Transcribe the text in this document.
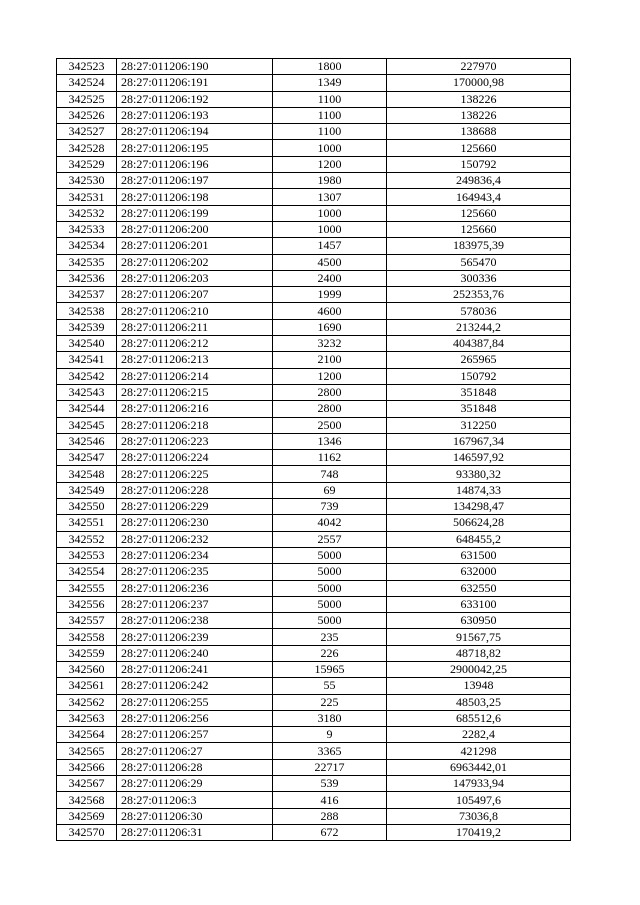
342523	28:27:011206:190	1800	227970
342524	28:27:011206:191	1349	170000,98
342525	28:27:011206:192	1100	138226
342526	28:27:011206:193	1100	138226
342527	28:27:011206:194	1100	138688
342528	28:27:011206:195	1000	125660
342529	28:27:011206:196	1200	150792
342530	28:27:011206:197	1980	249836,4
342531	28:27:011206:198	1307	164943,4
342532	28:27:011206:199	1000	125660
342533	28:27:011206:200	1000	125660
342534	28:27:011206:201	1457	183975,39
342535	28:27:011206:202	4500	565470
342536	28:27:011206:203	2400	300336
342537	28:27:011206:207	1999	252353,76
342538	28:27:011206:210	4600	578036
342539	28:27:011206:211	1690	213244,2
342540	28:27:011206:212	3232	404387,84
342541	28:27:011206:213	2100	265965
342542	28:27:011206:214	1200	150792
342543	28:27:011206:215	2800	351848
342544	28:27:011206:216	2800	351848
342545	28:27:011206:218	2500	312250
342546	28:27:011206:223	1346	167967,34
342547	28:27:011206:224	1162	146597,92
342548	28:27:011206:225	748	93380,32
342549	28:27:011206:228	69	14874,33
342550	28:27:011206:229	739	134298,47
342551	28:27:011206:230	4042	506624,28
342552	28:27:011206:232	2557	648455,2
342553	28:27:011206:234	5000	631500
342554	28:27:011206:235	5000	632000
342555	28:27:011206:236	5000	632550
342556	28:27:011206:237	5000	633100
342557	28:27:011206:238	5000	630950
342558	28:27:011206:239	235	91567,75
342559	28:27:011206:240	226	48718,82
342560	28:27:011206:241	15965	2900042,25
342561	28:27:011206:242	55	13948
342562	28:27:011206:255	225	48503,25
342563	28:27:011206:256	3180	685512,6
342564	28:27:011206:257	9	2282,4
342565	28:27:011206:27	3365	421298
342566	28:27:011206:28	22717	6963442,01
342567	28:27:011206:29	539	147933,94
342568	28:27:011206:3	416	105497,6
342569	28:27:011206:30	288	73036,8
342570	28:27:011206:31	672	170419,2
